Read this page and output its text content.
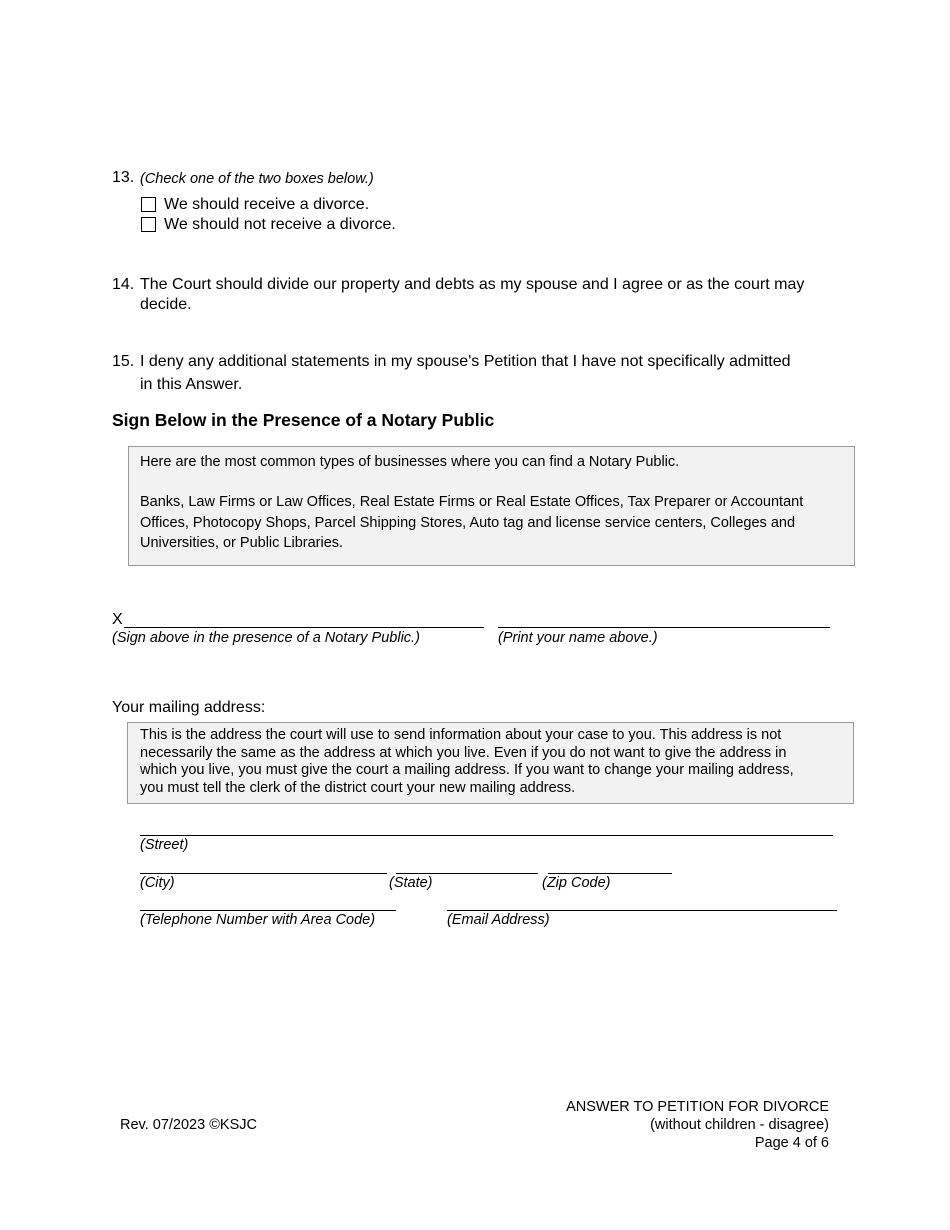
13. (Check one of the two boxes below.)
We should receive a divorce.
We should not receive a divorce.
14. The Court should divide our property and debts as my spouse and I agree or as the court may
decide.
15. I deny any additional statements in my spouse's Petition that I have not specifically admitted
in this Answer.
Sign Below in the Presence of a Notary Public
Here are the most common types of businesses where you can find a Notary Public.
Banks, Law Firms or Law Offices, Real Estate Firms or Real Estate Offices, Tax Preparer or Accountant
Offices, Photocopy Shops, Parcel Shipping Stores, Auto tag and license service centers, Colleges and
Universities, or Public Libraries.
X
(Sign above in the presence of a Notary Public.)	(Print your name above.)
Your mailing address:
This is the address the court will use to send information about your case to you. This address is not
necessarily the same as the address at which you live. Even if you do not want to give the address in
which you live, you must give the court a mailing address. If you want to change your mailing address,
you must tell the clerk of the district court your new mailing address.
(Street)
(City)	(State)	(Zip Code)
(Telephone Number with Area Code)	(Email Address)
Rev. 07/2023 ©KSJC
ANSWER TO PETITION FOR DIVORCE
(without children - disagree)
Page 4 of 6
